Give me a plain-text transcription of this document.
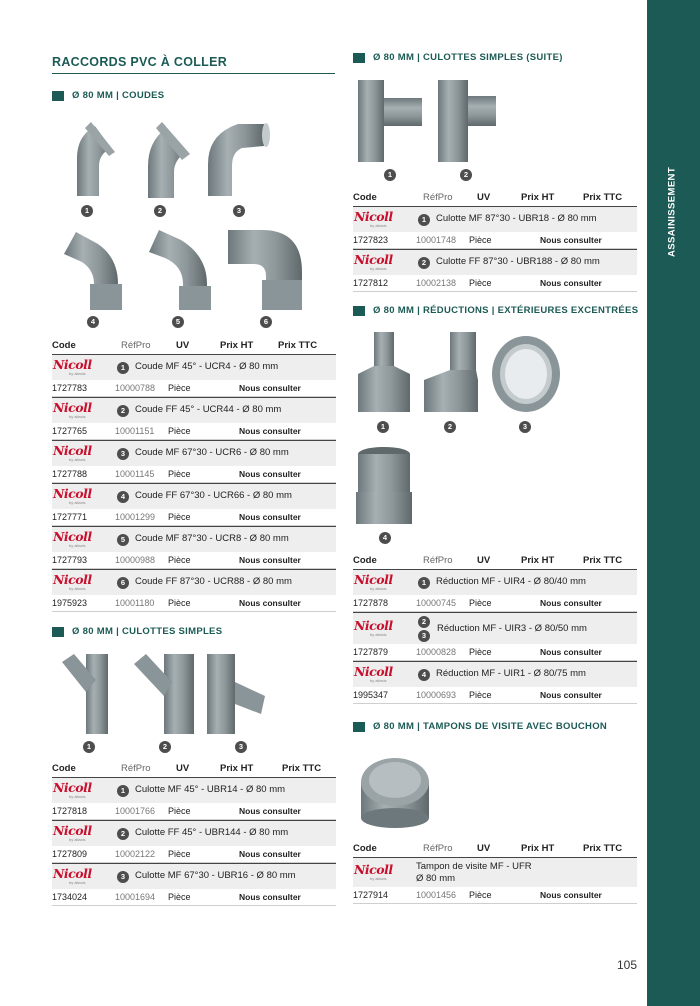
ASSAINISSEMENT
RACCORDS PVC À COLLER
Ø 80 MM | COUDES
1	2	3
4	5	6
Code	RéfPro	UV	Prix HT	Prix TTC
Nicoll
by aliaxis
1	Coude MF 45° - UCR4 - Ø 80 mm
1727783	10000788 Pièce	Nous consulter
Nicoll
by aliaxis
2	Coude FF 45° - UCR44 - Ø 80 mm
1727765	10001151 Pièce	Nous consulter
Nicoll
by aliaxis
3	Coude MF 67°30 - UCR6 - Ø 80 mm
1727788	10001145 Pièce	Nous consulter
Nicoll
by aliaxis
4	Coude FF 67°30 - UCR66 - Ø 80 mm
1727771	10001299 Pièce	Nous consulter
Nicoll
by aliaxis
5	Coude MF 87°30 - UCR8 - Ø 80 mm
1727793	10000988 Pièce	Nous consulter
Nicoll
by aliaxis
6	Coude FF 87°30 - UCR88 - Ø 80 mm
1975923	10001180 Pièce	Nous consulter
Ø 80 MM | CULOTTES SIMPLES
1	2	3
Code	RéfPro	UV	Prix HT	Prix TTC
Nicoll
by aliaxis
1	Culotte MF 45° - UBR14 - Ø 80 mm
1727818	10001766 Pièce	Nous consulter
Nicoll
by aliaxis
2	Culotte FF 45° - UBR144 - Ø 80 mm
1727809	10002122 Pièce	Nous consulter
Nicoll
by aliaxis
3	Culotte MF 67°30 - UBR16 - Ø 80 mm
1734024	10001694 Pièce	Nous consulter
Ø 80 MM | CULOTTES SIMPLES (SUITE)
1	2
Code	RéfPro	UV	Prix HT	Prix TTC
Nicoll
by aliaxis
1	Culotte MF 87°30 - UBR18 - Ø 80 mm
1727823	10001748 Pièce	Nous consulter
Nicoll
by aliaxis
2	Culotte FF 87°30 - UBR188 - Ø 80 mm
1727812	10002138 Pièce	Nous consulter
Ø 80 MM | RÉDUCTIONS | EXTÉRIEURES EXCENTRÉES
1	2	3
4
Code	RéfPro	UV	Prix HT	Prix TTC
Nicoll
by aliaxis
1	Réduction MF - UIR4 - Ø 80/40 mm
1727878	10000745 Pièce	Nous consulter
Nicoll
by aliaxis
2
3
Réduction MF - UIR3 - Ø 80/50 mm
1727879	10000828 Pièce	Nous consulter
Nicoll
by aliaxis
4	Réduction MF - UIR1 - Ø 80/75 mm
1995347	10000693 Pièce	Nous consulter
Ø 80 MM | TAMPONS DE VISITE AVEC BOUCHON
Code	RéfPro	UV	Prix HT	Prix TTC
Nicoll
by aliaxis
Tampon de visite MF - UFR
Ø 80 mm
1727914	10001456 Pièce	Nous consulter
105
